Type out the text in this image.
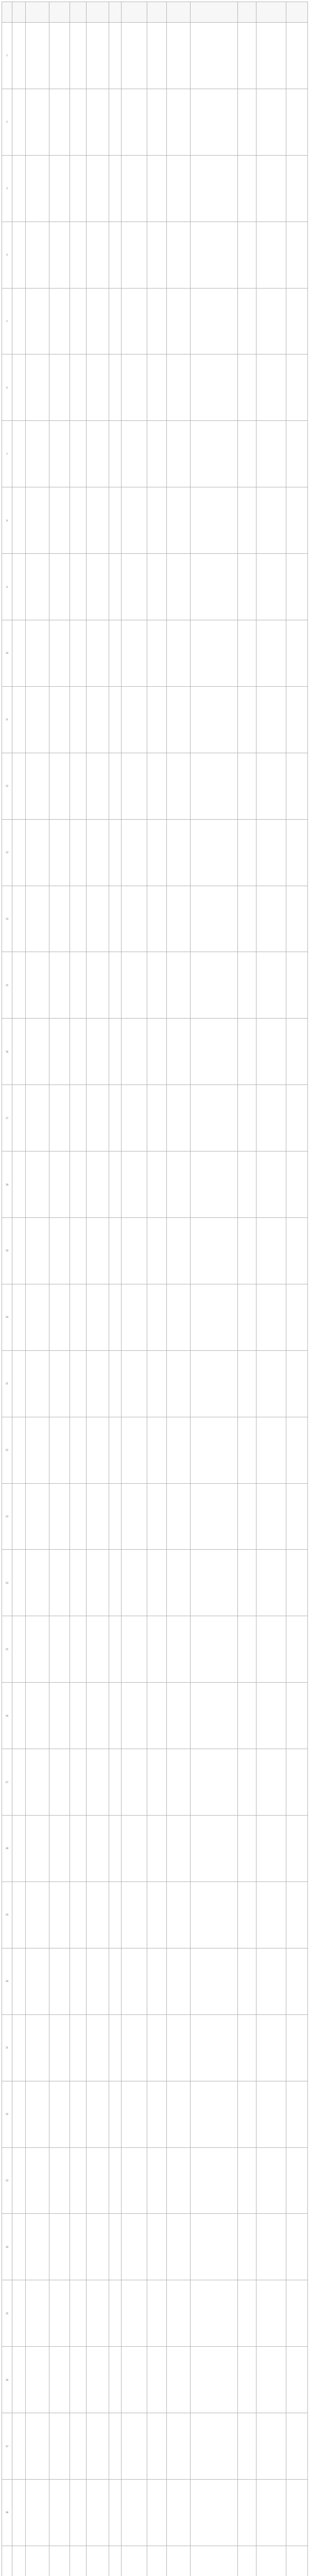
1													
2													
3													
4													
5													
6													
7													
8													
9													
10													
11													
12													
13													
14													
15													
16													
17													
18													
19													
20													
21													
22													
23													
24													
25													
26													
27													
28													
29													
30													
31													
32													
33													
34													
35													
36													
37													
38													
